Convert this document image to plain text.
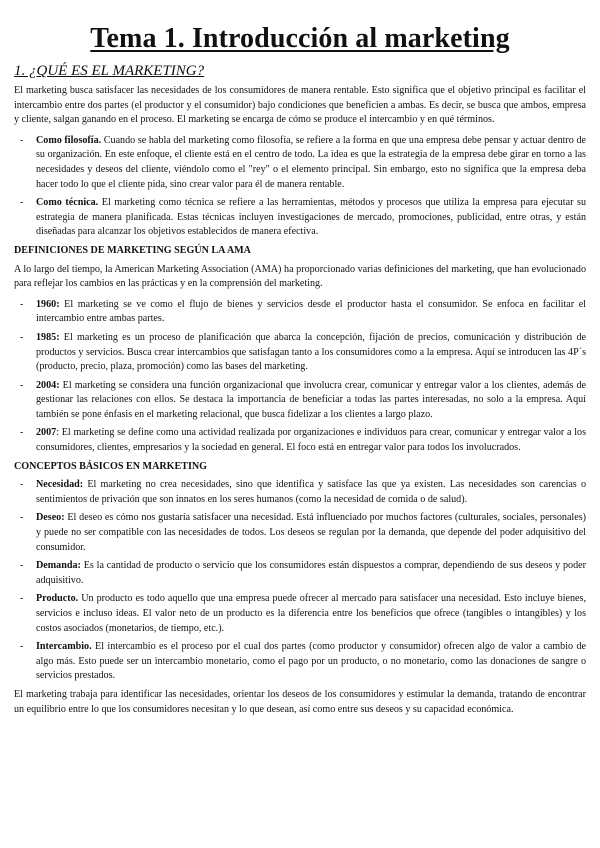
Tema 1. Introducción al marketing
1. ¿QUÉ ES EL MARKETING?

El marketing busca satisfacer las necesidades de los consumidores de manera rentable. Esto significa que el objetivo principal es facilitar el intercambio entre dos partes (el productor y el consumidor) bajo condiciones que beneficien a ambas. Es decir, se busca que ambos, empresa y cliente, salgan ganando en el proceso. El marketing se encarga de cómo se produce el intercambio y en qué términos.

- Como filosofía. Cuando se habla del marketing como filosofía, se refiere a la forma en que una empresa debe pensar y actuar dentro de su organización. En este enfoque, el cliente está en el centro de todo. La idea es que la estrategia de la empresa debe girar en torno a las necesidades y deseos del cliente, viéndolo como el "rey" o el elemento principal. Sin embargo, esto no significa que la empresa deba hacer todo lo que el cliente pida, sino crear valor para él de manera rentable.
- Como técnica. El marketing como técnica se refiere a las herramientas, métodos y procesos que utiliza la empresa para ejecutar su estrategia de manera planificada. Estas técnicas incluyen investigaciones de mercado, promociones, publicidad, entre otras, y están diseñadas para alcanzar los objetivos establecidos de manera efectiva.
DEFINICIONES DE MARKETING SEGÚN LA AMA

A lo largo del tiempo, la American Marketing Association (AMA) ha proporcionado varias definiciones del marketing, que han evolucionado para reflejar los cambios en las prácticas y en la comprensión del marketing.

- 1960: El marketing se ve como el flujo de bienes y servicios desde el productor hasta el consumidor. Se enfoca en facilitar el intercambio entre ambas partes.
- 1985: El marketing es un proceso de planificación que abarca la concepción, fijación de precios, comunicación y distribución de productos y servicios. Busca crear intercambios que satisfagan tanto a los consumidores como a la empresa. Aquí se introducen las 4P´s (producto, precio, plaza, promoción) como las bases del marketing.
- 2004: El marketing se considera una función organizacional que involucra crear, comunicar y entregar valor a los clientes, además de gestionar las relaciones con ellos. Se destaca la importancia de beneficiar a todas las partes interesadas, no solo a la empresa. Aquí también se pone énfasis en el marketing relacional, que busca fidelizar a los clientes a largo plazo.
- 2007: El marketing se define como una actividad realizada por organizaciones e individuos para crear, comunicar y entregar valor a los consumidores, clientes, empresarios y la sociedad en general. El foco está en entregar valor para todos los involucrados.
CONCEPTOS BÁSICOS EN MARKETING
- Necesidad: El marketing no crea necesidades, sino que identifica y satisface las que ya existen. Las necesidades son carencias o sentimientos de privación que son innatos en los seres humanos (como la necesidad de comida o de salud).
- Deseo: El deseo es cómo nos gustaría satisfacer una necesidad. Está influenciado por muchos factores (culturales, sociales, personales) y puede no ser compatible con las necesidades de todos. Los deseos se regulan por la demanda, que depende del poder adquisitivo del consumidor.
- Demanda: Es la cantidad de producto o servicio que los consumidores están dispuestos a comprar, dependiendo de sus deseos y poder adquisitivo.
- Producto. Un producto es todo aquello que una empresa puede ofrecer al mercado para satisfacer una necesidad. Esto incluye bienes, servicios e incluso ideas. El valor neto de un producto es la diferencia entre los beneficios que ofrece (tangibles o intangibles) y los costos asociados (monetarios, de tiempo, etc.).
- Intercambio. El intercambio es el proceso por el cual dos partes (como productor y consumidor) ofrecen algo de valor a cambio de algo más. Esto puede ser un intercambio monetario, como el pago por un producto, o no monetario, como las donaciones de sangre o servicios prestados.

El marketing trabaja para identificar las necesidades, orientar los deseos de los consumidores y estimular la demanda, tratando de encontrar un equilibrio entre lo que los consumidores necesitan y lo que desean, así como entre sus deseos y su capacidad económica.
